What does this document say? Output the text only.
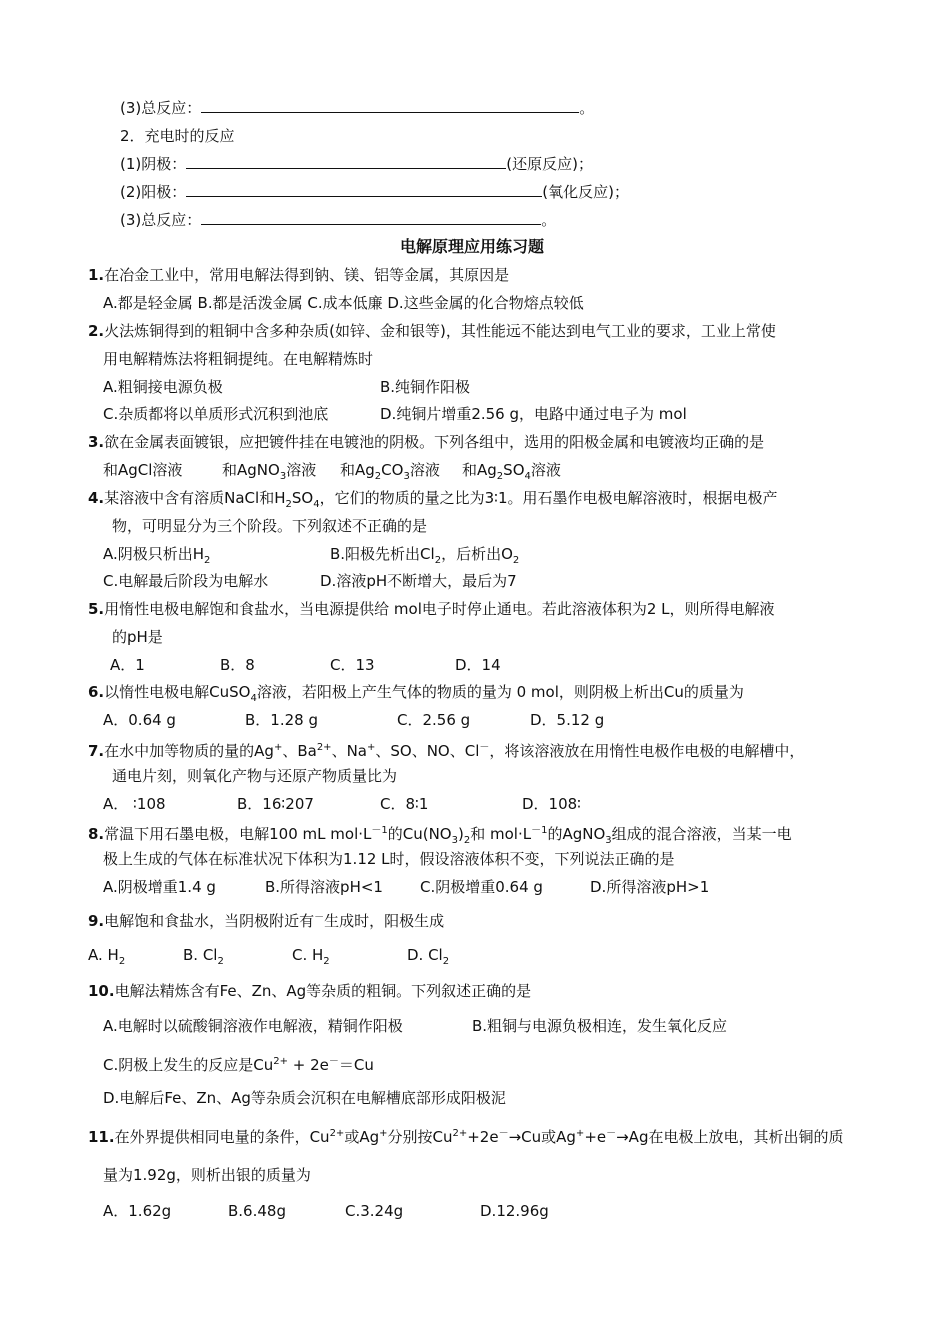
(3)总反应：	。
2．充电时的反应
(1)阴极：	(还原反应)；
(2)阳极：	(氧化反应)；
(3)总反应：	。
电解原理应用练习题
1.在冶金工业中，常用电解法得到钠、镁、铝等金属，其原因是
A.都是轻金属 B.都是活泼金属 C.成本低廉 D.这些金属的化合物熔点较低
2.火法炼铜得到的粗铜中含多种杂质(如锌、金和银等)，其性能远不能达到电气工业的要求，工业上常使
用电解精炼法将粗铜提纯。在电解精炼时
A.粗铜接电源负极	B.纯铜作阳极
C.杂质都将以单质形式沉积到池底	D.纯铜片增重2.56 g，电路中通过电子为 mol
3.欲在金属表面镀银，应把镀件挂在电镀池的阴极。下列各组中，选用的阳极金属和电镀液均正确的是
和AgCl溶液	和AgNO$_3$溶液 和$Ag_2CO_3$溶液 和$Ag_2SO_4$溶液
4.某溶液中含有溶质NaCl和$H_2SO_4$，它们的物质的量之比为3∶1。用石墨作电极电解溶液时，根据电极产
物，可明显分为三个阶段。下列叙述不正确的是
A.阴极只析出$H_2$	B.阳极先析出$Cl_2$，后析出$O_2$
C.电解最后阶段为电解水	D.溶液pH不断增大，最后为7
5.用惰性电极电解饱和食盐水，当电源提供给 mol电子时停止通电。若此溶液体积为2 L，则所得电解液
的pH是
A．1	B．8	C．13	D．14
6.以惰性电极电解CuSO$_4$溶液，若阳极上产生气体的物质的量为 0 mol，则阴极上析出Cu的质量为
A．0.64 g	B．1.28 g	C．2.56 g	D．5.12 g
7.在水中加等物质的量的Ag+、$Ba^{2+}$、Na+、SO、NO、Cl－，将该溶液放在用惰性电极作电极的电解槽中，
通电片刻，则氧化产物与还原产物质量比为
A． ∶108	B．16∶207	C．8∶1	D．108∶
8.常温下用石墨电极，电解100 mL $mol\cdot L^{-1}$的$Cu(NO_3)_2$和 $mol\cdot L^{-1}$的AgNO$_3$组成的混合溶液，当某一电
极上生成的气体在标准状况下体积为1.12 L时，假设溶液体积不变，下列说法正确的是
A.阴极增重1.4 g	B.所得溶液pH<1 C.阴极增重0.64 g	D.所得溶液pH>1
9.电解饱和食盐水，当阴极附近有－生成时，阳极生成
A. $H_2$	B. $Cl_2$	C. $H_2$	D. $Cl_2$
10.电解法精炼含有Fe、Zn、Ag等杂质的粗铜。下列叙述正确的是
A.电解时以硫酸铜溶液作电解液，精铜作阳极	B.粗铜与电源负极相连，发生氧化反应
C.阴极上发生的反应是$Cu^{2+} + 2e^-=Cu$
D.电解后Fe、Zn、Ag等杂质会沉积在电解槽底部形成阳极泥
11.在外界提供相同电量的条件，$Cu^{2+}$或Ag+分别按$Cu^{2+}+2e^-\to Cu$或Ag++e－→Ag在电极上放电，其析出铜的质
量为1.92g，则析出银的质量为
A．1.62g	B.6.48g	C.3.24g	D.12.96g
